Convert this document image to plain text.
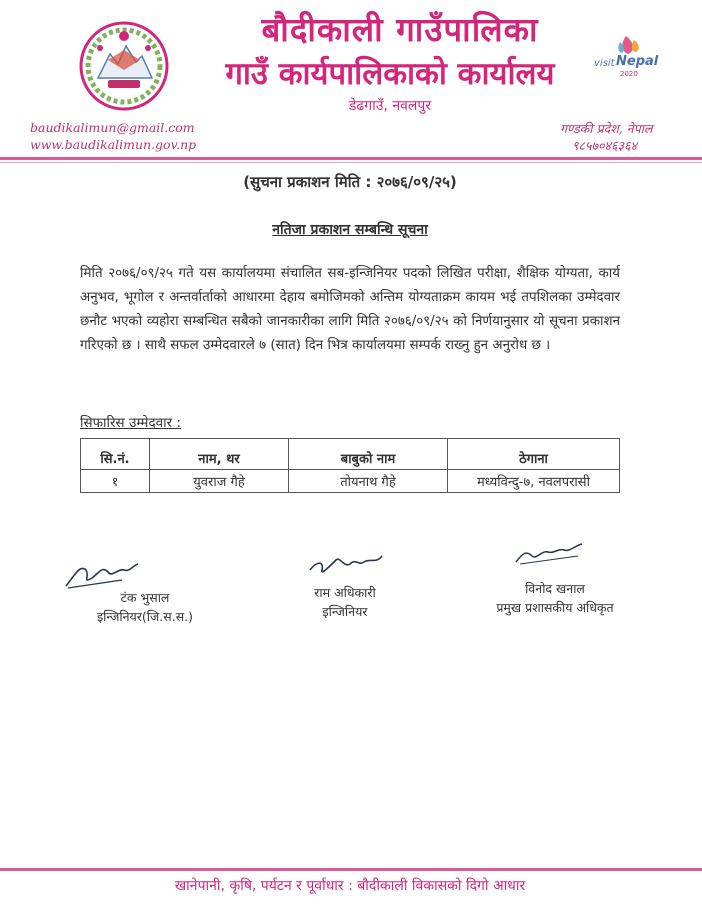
बौदीकाली गाउँपालिका
गाउँ कार्यपालिकाको कार्यालय
डेढगाउँ, नवलपुर
visit Nepal
2020
baudikalimun@gmail.com
www.baudikalimun.gov.np
गण्डकी प्रदेश, नेपाल
९८५७०४६३६४
(सुचना प्रकाशन मिति : २०७६/०९/२५)
नतिजा प्रकाशन सम्बन्धि सूचना
मिति २०७६/०९/२५ गते यस कार्यालयमा संचालित सब-इन्जिनियर पदको लिखित परीक्षा, शैक्षिक योग्यता, कार्य अनुभव, भूगोल र अन्तर्वार्ताको आधारमा देहाय बमोजिमको अन्तिम योग्यताक्रम कायम भई तपशिलका उम्मेदवार छनौट भएको व्यहोरा सम्बन्धित सबैको जानकारीका लागि मिति २०७६/०९/२५ को निर्णयानुसार यो सूचना प्रकाशन गरिएको छ । साथै सफल उम्मेदवारले ७ (सात) दिन भित्र कार्यालयमा सम्पर्क राख्नु हुन अनुरोध छ ।
सिफारिस उम्मेदवार :
सि.नं.	नाम, थर	बाबुको नाम	ठेगाना
१	युवराज गैहे	तोयनाथ गैहे	मध्यविन्दु-७, नवलपरासी
टंक भुसाल
इन्जिनियर(जि.स.स.)
राम अधिकारी
इन्जिनियर
विनोद खनाल
प्रमुख प्रशासकीय अधिकृत
खानेपानी, कृषि, पर्यटन र पूर्वाधार : बौदीकाली विकासको दिगो आधार
